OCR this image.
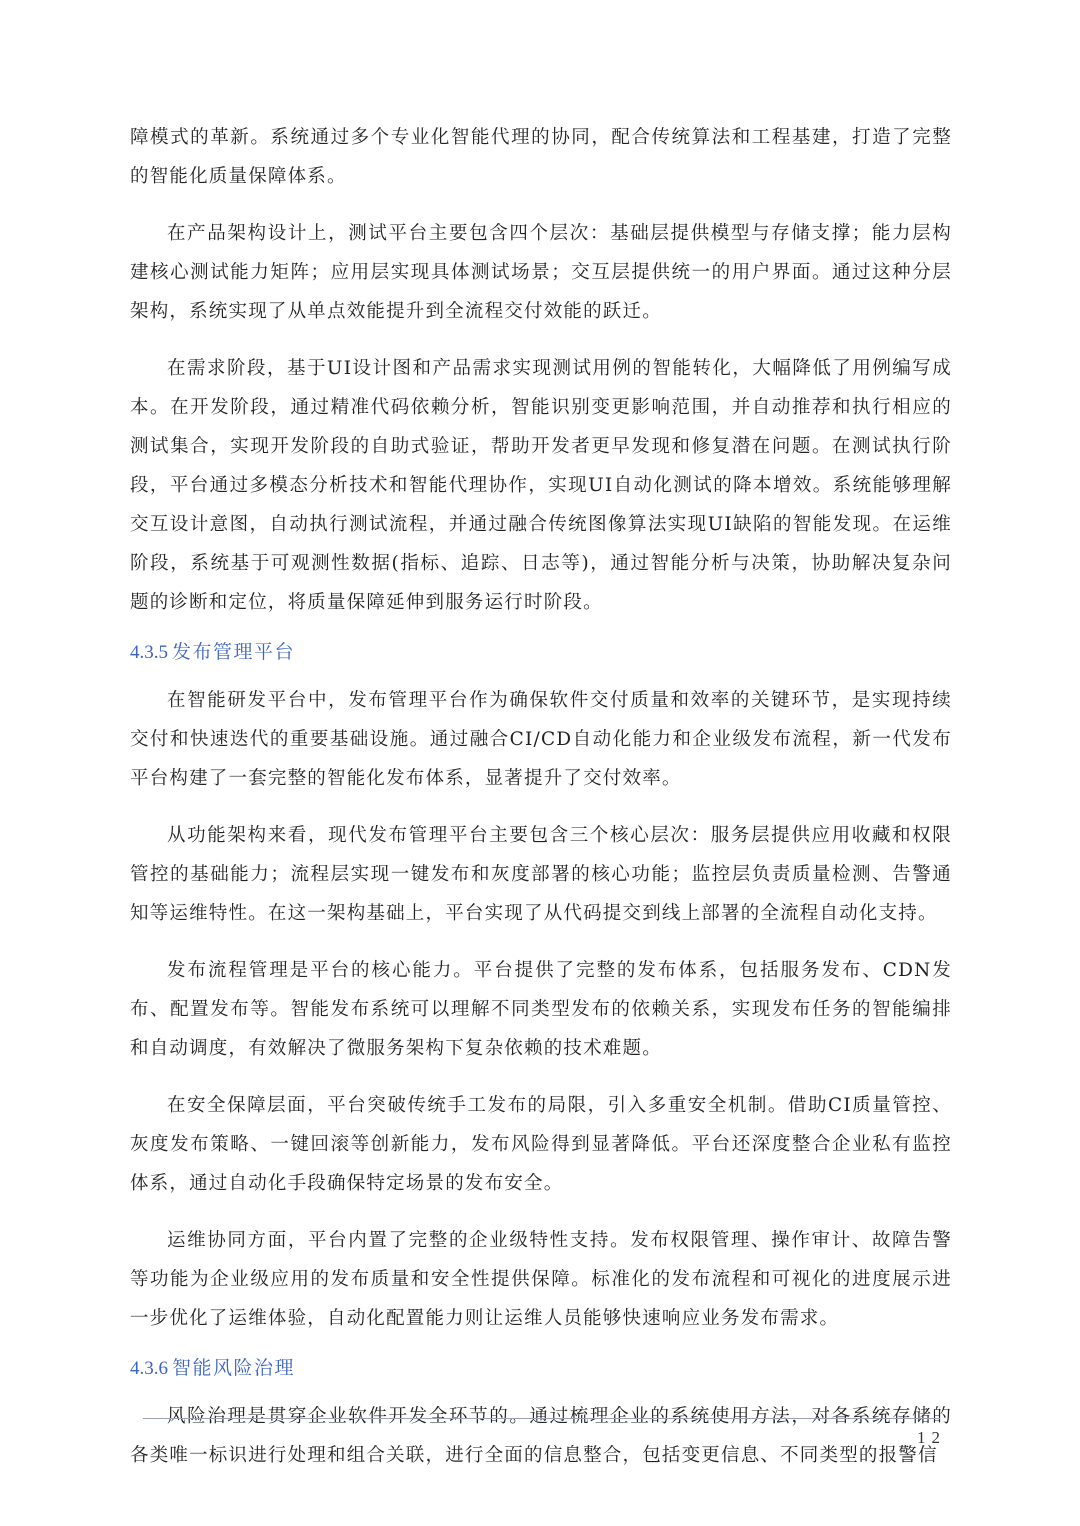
障模式的革新。系统通过多个专业化智能代理的协同，配合传统算法和工程基建，打造了完整的智能化质量保障体系。

在产品架构设计上，测试平台主要包含四个层次：基础层提供模型与存储支撑；能力层构建核心测试能力矩阵；应用层实现具体测试场景；交互层提供统一的用户界面。通过这种分层架构，系统实现了从单点效能提升到全流程交付效能的跃迁。

在需求阶段，基于UI设计图和产品需求实现测试用例的智能转化，大幅降低了用例编写成本。在开发阶段，通过精准代码依赖分析，智能识别变更影响范围，并自动推荐和执行相应的测试集合，实现开发阶段的自助式验证，帮助开发者更早发现和修复潜在问题。在测试执行阶段，平台通过多模态分析技术和智能代理协作，实现UI自动化测试的降本增效。系统能够理解交互设计意图，自动执行测试流程，并通过融合传统图像算法实现UI缺陷的智能发现。在运维阶段，系统基于可观测性数据(指标、追踪、日志等)，通过智能分析与决策，协助解决复杂问题的诊断和定位，将质量保障延伸到服务运行时阶段。

4.3.5 发布管理平台

在智能研发平台中，发布管理平台作为确保软件交付质量和效率的关键环节，是实现持续交付和快速迭代的重要基础设施。通过融合CI/CD自动化能力和企业级发布流程，新一代发布平台构建了一套完整的智能化发布体系，显著提升了交付效率。

从功能架构来看，现代发布管理平台主要包含三个核心层次：服务层提供应用收藏和权限管控的基础能力；流程层实现一键发布和灰度部署的核心功能；监控层负责质量检测、告警通知等运维特性。在这一架构基础上，平台实现了从代码提交到线上部署的全流程自动化支持。

发布流程管理是平台的核心能力。平台提供了完整的发布体系，包括服务发布、CDN发布、配置发布等。智能发布系统可以理解不同类型发布的依赖关系，实现发布任务的智能编排和自动调度，有效解决了微服务架构下复杂依赖的技术难题。

在安全保障层面，平台突破传统手工发布的局限，引入多重安全机制。借助CI质量管控、灰度发布策略、一键回滚等创新能力，发布风险得到显著降低。平台还深度整合企业私有监控体系，通过自动化手段确保特定场景的发布安全。

运维协同方面，平台内置了完整的企业级特性支持。发布权限管理、操作审计、故障告警等功能为企业级应用的发布质量和安全性提供保障。标准化的发布流程和可视化的进度展示进一步优化了运维体验，自动化配置能力则让运维人员能够快速响应业务发布需求。

4.3.6 智能风险治理

风险治理是贯穿企业软件开发全环节的。通过梳理企业的系统使用方法，对各系统存储的各类唯一标识进行处理和组合关联，进行全面的信息整合，包括变更信息、不同类型的报警信

12
